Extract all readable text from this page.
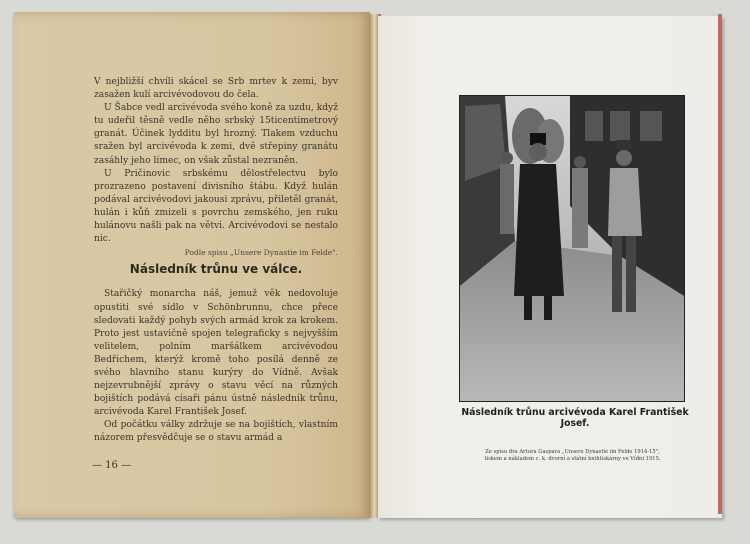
V nejbližší chvíli skácel se Srb mrtev k zemi, byv zasažen kulí arcivévodovou do čela.

U Šabce vedl arcivévoda svého koně za uzdu, když tu udeřil těsně vedle něho srbský 15ticentimetrový granát. Účinek lydditu byl hrozný. Tlakem vzduchu sražen byl arcivévoda k zemi, dvě střepiny granátu zasáhly jeho límec, on však zůstal nezraněn.

U Pričinovic srbskému dělostřelectvu bylo prozrazeno postavení divisního štábu. Když hulán podával arcivévodovi jakousi zprávu, přiletěl granát, hulán i kůň zmizeli s povrchu zemského, jen ruku hulánovu našli pak na větvi. Arcivévodovi se nestalo nic.

Podle spisu „Unsere Dynastie im Felde".

Následník trůnu ve válce.

Stařičký monarcha náš, jemuž věk nedovoluje opustiti své sídlo v Schönbrunnu, chce přece sledovati každý pohyb svých armád krok za krokem. Proto jest ustavičně spojen telegraficky s nejvyšším velitelem, polním maršálkem arcivévodou Bedřichem, kterýž kromě toho posílá denně ze svého hlavního stanu kurýry do Vídně. Avšak nejzevrubnější zprávy o stavu věcí na různých bojištích podává císaři pánu ústně následník trůnu, arcivévoda Karel František Josef.

Od počátku války zdržuje se na bojištích, vlastním názorem přesvědčuje se o stavu armád a

— 16 —
Následník trůnu arcivévoda Karel František Josef.
Ze spisu dra Artura Gaspara „Unsere Dynastie im Felde 1914-15",
tiskem a nákladem c. k. dvorní a státní knihtiskárny ve Vídni 1915.
